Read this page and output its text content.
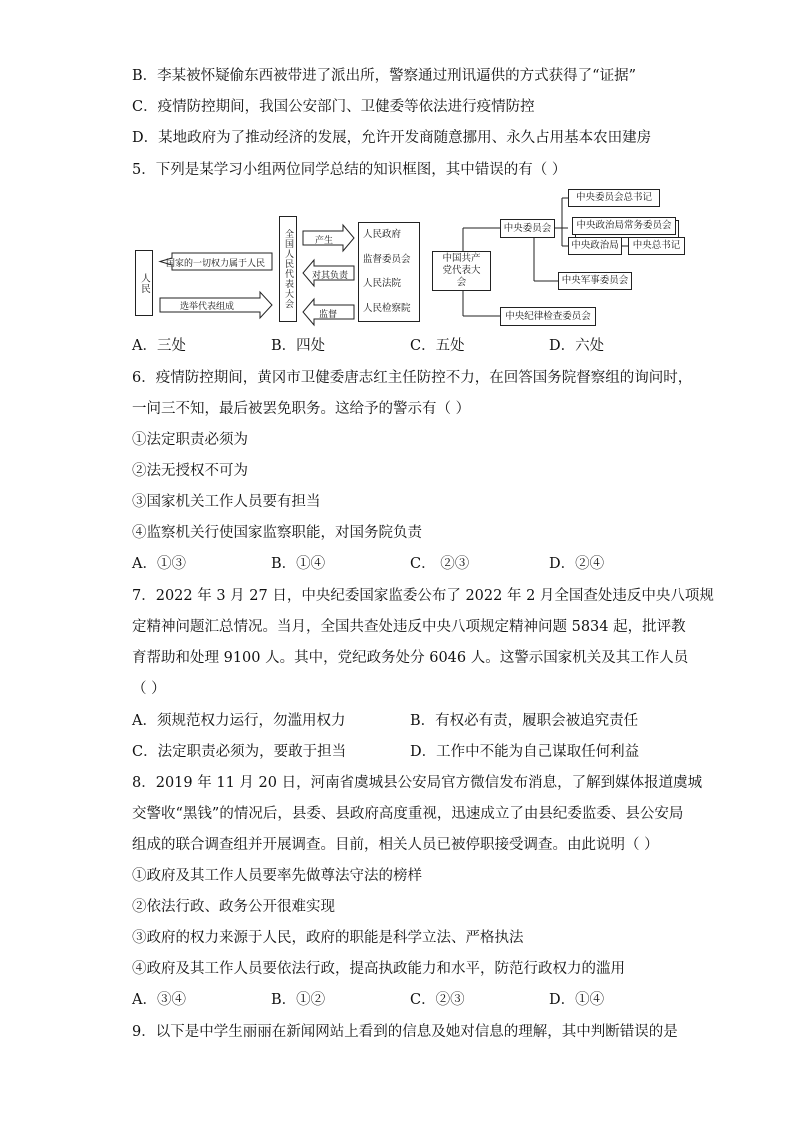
B．李某被怀疑偷东西被带进了派出所，警察通过刑讯逼供的方式获得了“证据”
C．疫情防控期间，我国公安部门、卫健委等依法进行疫情防控
D．某地政府为了推动经济的发展，允许开发商随意挪用、永久占用基本农田建房
5．下列是某学习小组两位同学总结的知识框图，其中错误的有（ ）
人民
国家的一切权力属于人民
选举代表组成	全国人民代表大会 产生
对其负责
监督
人民政府
监督委员会
人民法院
人民检察院
中国共产党代表大会
中央委员会
中央委员会总书记
中央政治局常务委员会
中央政治局 中央总书记
中央军事委员会
中央纪律检查委员会
A．三处	B．四处	C．五处	D．六处
6．疫情防控期间，黄冈市卫健委唐志红主任防控不力，在回答国务院督察组的询问时，
一问三不知，最后被罢免职务。这给予的警示有（ ）
①法定职责必须为
②法无授权不可为
③国家机关工作人员要有担当
④监察机关行使国家监察职能，对国务院负责
A．①③	B．①④	C． ②③	D．②④
7．2022 年 3 月 27 日，中央纪委国家监委公布了 2022 年 2 月全国查处违反中央八项规
定精神问题汇总情况。当月，全国共查处违反中央八项规定精神问题 5834 起，批评教
育帮助和处理 9100 人。其中，党纪政务处分 6046 人。这警示国家机关及其工作人员
（ ）
A．须规范权力运行，勿滥用权力	B．有权必有责，履职会被追究责任
C．法定职责必须为，要敢于担当	D．工作中不能为自己谋取任何利益
8．2019 年 11 月 20 日，河南省虞城县公安局官方微信发布消息，了解到媒体报道虞城
交警收“黑钱”的情况后，县委、县政府高度重视，迅速成立了由县纪委监委、县公安局
组成的联合调查组并开展调查。目前，相关人员已被停职接受调查。由此说明（ ）
①政府及其工作人员要率先做尊法守法的榜样
②依法行政、政务公开很难实现
③政府的权力来源于人民，政府的职能是科学立法、严格执法
④政府及其工作人员要依法行政，提高执政能力和水平，防范行政权力的滥用
A．③④	B．①②	C．②③	D．①④
9．以下是中学生丽丽在新闻网站上看到的信息及她对信息的理解，其中判断错误的是
